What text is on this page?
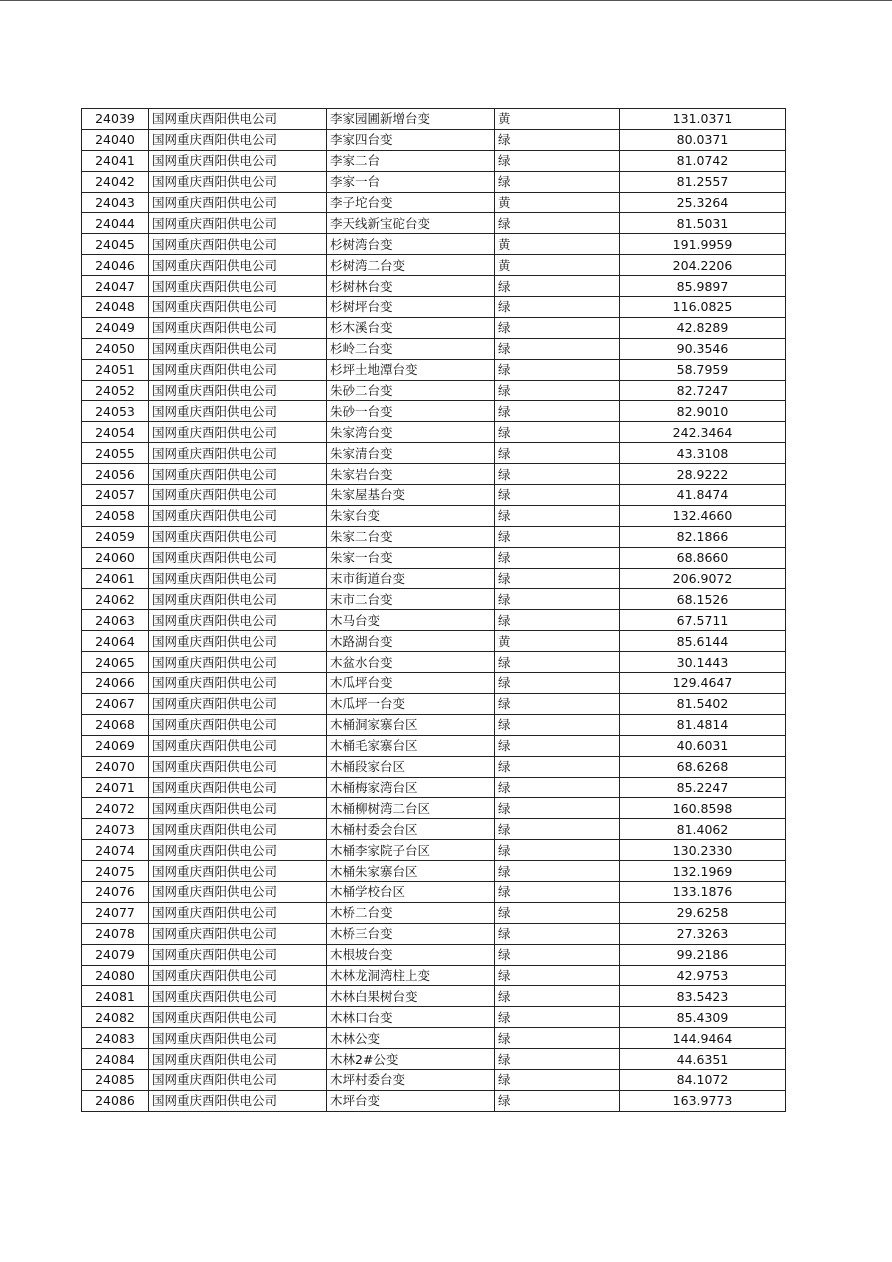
24039	国网重庆酉阳供电公司	李家园圃新增台变	黄	131.0371
24040	国网重庆酉阳供电公司	李家四台变	绿	80.0371
24041	国网重庆酉阳供电公司	李家二台	绿	81.0742
24042	国网重庆酉阳供电公司	李家一台	绿	81.2557
24043	国网重庆酉阳供电公司	李子坨台变	黄	25.3264
24044	国网重庆酉阳供电公司	李天线新宝砣台变	绿	81.5031
24045	国网重庆酉阳供电公司	杉树湾台变	黄	191.9959
24046	国网重庆酉阳供电公司	杉树湾二台变	黄	204.2206
24047	国网重庆酉阳供电公司	杉树林台变	绿	85.9897
24048	国网重庆酉阳供电公司	杉树坪台变	绿	116.0825
24049	国网重庆酉阳供电公司	杉木溪台变	绿	42.8289
24050	国网重庆酉阳供电公司	杉岭二台变	绿	90.3546
24051	国网重庆酉阳供电公司	杉坪土地潭台变	绿	58.7959
24052	国网重庆酉阳供电公司	朱砂二台变	绿	82.7247
24053	国网重庆酉阳供电公司	朱砂一台变	绿	82.9010
24054	国网重庆酉阳供电公司	朱家湾台变	绿	242.3464
24055	国网重庆酉阳供电公司	朱家清台变	绿	43.3108
24056	国网重庆酉阳供电公司	朱家岩台变	绿	28.9222
24057	国网重庆酉阳供电公司	朱家屋基台变	绿	41.8474
24058	国网重庆酉阳供电公司	朱家台变	绿	132.4660
24059	国网重庆酉阳供电公司	朱家二台变	绿	82.1866
24060	国网重庆酉阳供电公司	朱家一台变	绿	68.8660
24061	国网重庆酉阳供电公司	末市街道台变	绿	206.9072
24062	国网重庆酉阳供电公司	末市二台变	绿	68.1526
24063	国网重庆酉阳供电公司	木马台变	绿	67.5711
24064	国网重庆酉阳供电公司	木路湖台变	黄	85.6144
24065	国网重庆酉阳供电公司	木盆水台变	绿	30.1443
24066	国网重庆酉阳供电公司	木瓜坪台变	绿	129.4647
24067	国网重庆酉阳供电公司	木瓜坪一台变	绿	81.5402
24068	国网重庆酉阳供电公司	木桶洞家寨台区	绿	81.4814
24069	国网重庆酉阳供电公司	木桶毛家寨台区	绿	40.6031
24070	国网重庆酉阳供电公司	木桶段家台区	绿	68.6268
24071	国网重庆酉阳供电公司	木桶梅家湾台区	绿	85.2247
24072	国网重庆酉阳供电公司	木桶柳树湾二台区	绿	160.8598
24073	国网重庆酉阳供电公司	木桶村委会台区	绿	81.4062
24074	国网重庆酉阳供电公司	木桶李家院子台区	绿	130.2330
24075	国网重庆酉阳供电公司	木桶朱家寨台区	绿	132.1969
24076	国网重庆酉阳供电公司	木桶学校台区	绿	133.1876
24077	国网重庆酉阳供电公司	木桥二台变	绿	29.6258
24078	国网重庆酉阳供电公司	木桥三台变	绿	27.3263
24079	国网重庆酉阳供电公司	木根坡台变	绿	99.2186
24080	国网重庆酉阳供电公司	木林龙洞湾柱上变	绿	42.9753
24081	国网重庆酉阳供电公司	木林白果树台变	绿	83.5423
24082	国网重庆酉阳供电公司	木林口台变	绿	85.4309
24083	国网重庆酉阳供电公司	木林公变	绿	144.9464
24084	国网重庆酉阳供电公司	木林2#公变	绿	44.6351
24085	国网重庆酉阳供电公司	木坪村委台变	绿	84.1072
24086	国网重庆酉阳供电公司	木坪台变	绿	163.9773
